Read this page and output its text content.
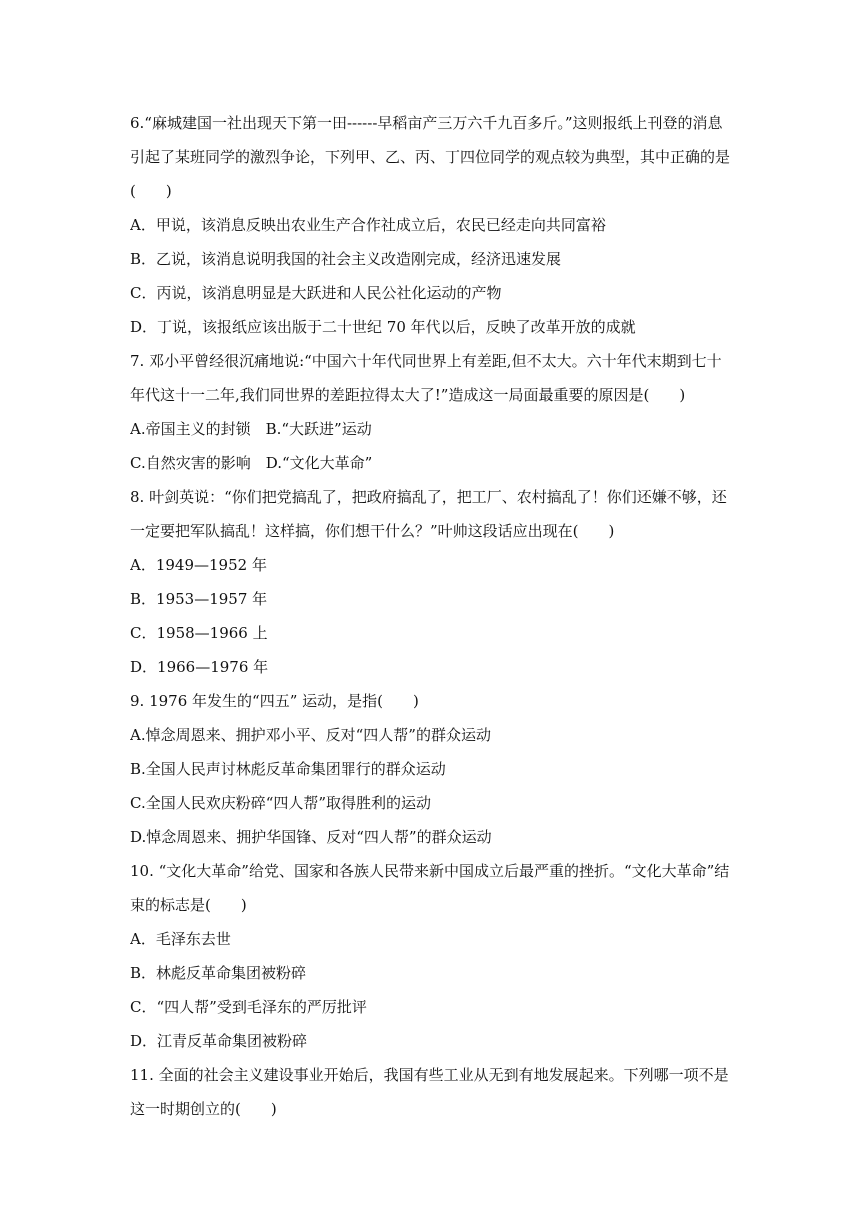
6.“麻城建国一社出现天下第一田------早稻亩产三万六千九百多斤。”这则报纸上刊登的消息
引起了某班同学的激烈争论，下列甲、乙、丙、丁四位同学的观点较为典型，其中正确的是
(　　)
A．甲说，该消息反映出农业生产合作社成立后，农民已经走向共同富裕
B．乙说，该消息说明我国的社会主义改造刚完成，经济迅速发展
C．丙说，该消息明显是大跃进和人民公社化运动的产物
D．丁说，该报纸应该出版于二十世纪 70 年代以后，反映了改革开放的成就
7. 邓小平曾经很沉痛地说:“中国六十年代同世界上有差距,但不太大。六十年代末期到七十
年代这十一二年,我们同世界的差距拉得太大了!”造成这一局面最重要的原因是(　　)
A.帝国主义的封锁　B.“大跃进”运动
C.自然灾害的影响　D.“文化大革命”
8. 叶剑英说：“你们把党搞乱了，把政府搞乱了，把工厂、农村搞乱了！你们还嫌不够，还
一定要把军队搞乱！这样搞，你们想干什么？”叶帅这段话应出现在(　　)
A．1949—1952 年
B．1953—1957 年
C．1958—1966 上
D．1966—1976 年
9. 1976 年发生的“四五” 运动，是指(　　)
A.悼念周恩来、拥护邓小平、反对“四人帮”的群众运动
B.全国人民声讨林彪反革命集团罪行的群众运动
C.全国人民欢庆粉碎“四人帮”取得胜利的运动
D.悼念周恩来、拥护华国锋、反对“四人帮”的群众运动
10. “文化大革命”给党、国家和各族人民带来新中国成立后最严重的挫折。“文化大革命”结
束的标志是(　　)
A．毛泽东去世
B．林彪反革命集团被粉碎
C．“四人帮”受到毛泽东的严厉批评
D．江青反革命集团被粉碎
11. 全面的社会主义建设事业开始后，我国有些工业从无到有地发展起来。下列哪一项不是
这一时期创立的(　　)
